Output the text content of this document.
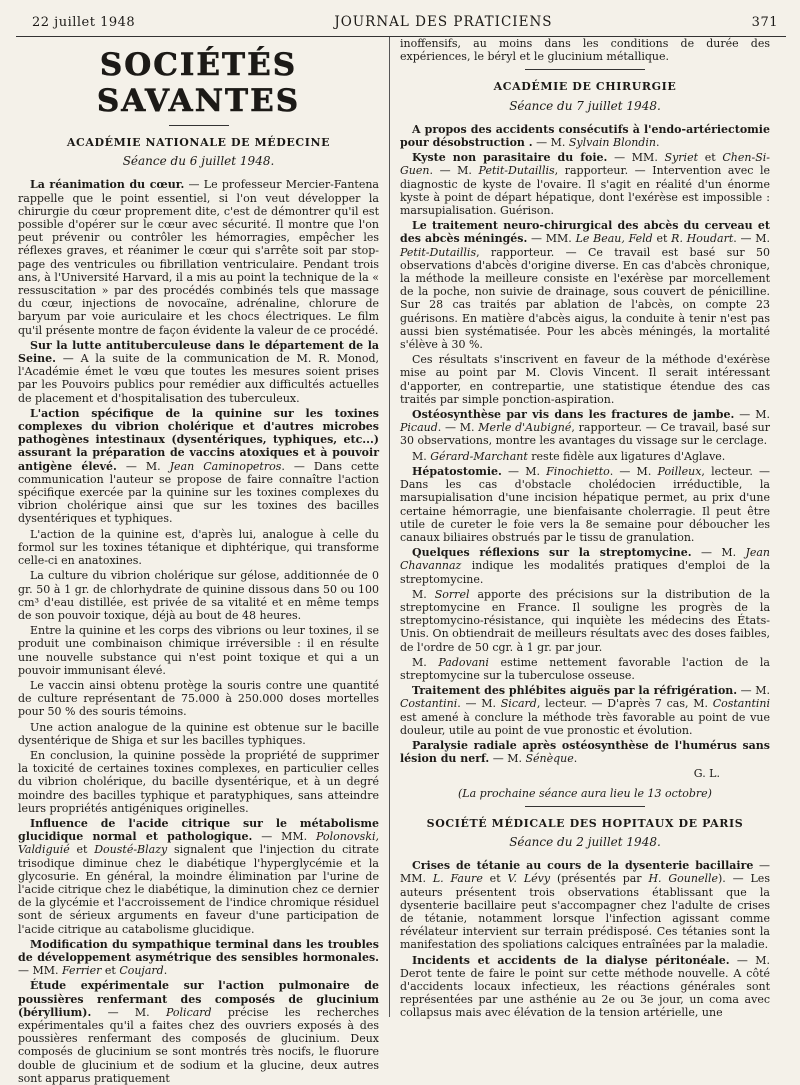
22 juillet 1948	JOURNAL DES PRATICIENS	371
SOCIÉTÉS SAVANTES
ACADÉMIE NATIONALE DE MÉDECINE
Séance du 6 juillet 1948.

La réanimation du cœur. — Le professeur Mercier-Fantena rappelle que le point essentiel, si l'on veut développer la chirurgie du cœur proprement dite, c'est de démontrer qu'il est possible d'opérer sur le cœur avec sécurité. Il montre que l'on peut prévenir ou contrôler les hémorragies, empêcher les réflexes graves, et réanimer le cœur qui s'arrête soit par stop-page des ventricules ou fibrillation ventriculaire. Pendant trois ans, à l'Université Harvard, il a mis au point la technique de la « ressuscitation » par des procédés combinés tels que massage du cœur, injections de novocaïne, adrénaline, chlorure de baryum par voie auriculaire et les chocs électriques. Le film qu'il présente montre de façon évidente la valeur de ce procédé.

Sur la lutte antituberculeuse dans le département de la Seine. — A la suite de la communication de M. R. Monod, l'Académie émet le vœu que toutes les mesures soient prises par les Pouvoirs publics pour remédier aux difficultés actuelles de placement et d'hospitalisation des tuberculeux.

L'action spécifique de la quinine sur les toxines complexes du vibrion cholérique et d'autres microbes pathogènes intestinaux (dysentériques, typhiques, etc...) assurant la préparation de vaccins atoxiques et à pouvoir antigène élevé. — M. Jean Caminopetros. — Dans cette communication l'auteur se propose de faire connaître l'action spécifique exercée par la quinine sur les toxines complexes du vibrion cholérique ainsi que sur les toxines des bacilles dysentériques et typhiques.

L'action de la quinine est, d'après lui, analogue à celle du formol sur les toxines tétanique et diphtérique, qui transforme celle-ci en anatoxines.

La culture du vibrion cholérique sur gélose, additionnée de 0 gr. 50 à 1 gr. de chlorhydrate de quinine dissous dans 50 ou 100 cm³ d'eau distillée, est privée de sa vitalité et en même temps de son pouvoir toxique, déjà au bout de 48 heures.

Entre la quinine et les corps des vibrions ou leur toxines, il se produit une combinaison chimique irréversible : il en résulte une nouvelle substance qui n'est point toxique et qui a un pouvoir immunisant élevé.

Le vaccin ainsi obtenu protège la souris contre une quantité de culture représentant de 75.000 à 250.000 doses mortelles pour 50 % des souris témoins.

Une action analogue de la quinine est obtenue sur le bacille dysentérique de Shiga et sur les bacilles typhiques.

En conclusion, la quinine possède la propriété de supprimer la toxicité de certaines toxines complexes, en particulier celles du vibrion cholérique, du bacille dysentérique, et à un degré moindre des bacilles typhique et paratyphiques, sans atteindre leurs propriétés antigéniques originelles.

Influence de l'acide citrique sur le métabolisme glucidique normal et pathologique. — MM. Polonovski, Valdiguié et Dousté-Blazy signalent que l'injection du citrate trisodique diminue chez le diabétique l'hyperglycémie et la glycosurie. En général, la moindre élimination par l'urine de l'acide citrique chez le diabétique, la diminution chez ce dernier de la glycémie et l'accroissement de l'indice chromique résiduel sont de sérieux arguments en faveur d'une participation de l'acide citrique au catabolisme glucidique.

Modification du sympathique terminal dans les troubles de développement asymétrique des sensibles hormonales. — MM. Ferrier et Coujard.

Étude expérimentale sur l'action pulmonaire de poussières renfermant des composés de glucinium (béryllium). — M. Policard précise les recherches expérimentales qu'il a faites chez des ouvriers exposés à des poussières renfermant des composés de glucinium. Deux composés de glucinium se sont montrés très nocifs, le fluorure double de glucinium et de sodium et la glucine, deux autres sont apparus pratiquement

inoffensifs, au moins dans les conditions de durée des expériences, le béryl et le glucinium métallique.

ACADÉMIE DE CHIRURGIE
Séance du 7 juillet 1948.

A propos des accidents consécutifs à l'endo-artériectomie pour désobstruction . — M. Sylvain Blondin.

Kyste non parasitaire du foie. — MM. Syriet et Chen-Si-Guen. — M. Petit-Dutaillis, rapporteur. — Intervention avec le diagnostic de kyste de l'ovaire. Il s'agit en réalité d'un énorme kyste à point de départ hépatique, dont l'exérèse est impossible : marsupialisation. Guérison.

Le traitement neuro-chirurgical des abcès du cerveau et des abcès méningés. — MM. Le Beau, Feld et R. Houdart. — M. Petit-Dutaillis, rapporteur. — Ce travail est basé sur 50 observations d'abcès d'origine diverse. En cas d'abcès chronique, la méthode la meilleure consiste en l'exérèse par morcellement de la poche, non suivie de drainage, sous couvert de pénicilline. Sur 28 cas traités par ablation de l'abcès, on compte 23 guérisons. En matière d'abcès aigus, la conduite à tenir n'est pas aussi bien systématisée. Pour les abcès méningés, la mortalité s'élève à 30 %.

Ces résultats s'inscrivent en faveur de la méthode d'exérèse mise au point par M. Clovis Vincent. Il serait intéressant d'apporter, en contrepartie, une statistique étendue des cas traités par simple ponction-aspiration.

Ostéosynthèse par vis dans les fractures de jambe. — M. Picaud. — M. Merle d'Aubigné, rapporteur. — Ce travail, basé sur 30 observations, montre les avantages du vissage sur le cerclage.

M. Gérard-Marchant reste fidèle aux ligatures d'Aglave.

Hépatostomie. — M. Finochietto. — M. Poilleux, lecteur. — Dans les cas d'obstacle cholédocien irréductible, la marsupialisation d'une incision hépatique permet, au prix d'une certaine hémorragie, une bienfaisante cholerragie. Il peut être utile de cureter le foie vers la 8e semaine pour déboucher les canaux biliaires obstrués par le tissu de granulation.

Quelques réflexions sur la streptomycine. — M. Jean Chavannaz indique les modalités pratiques d'emploi de la streptomycine.

M. Sorrel apporte des précisions sur la distribution de la streptomycine en France. Il souligne les progrès de la streptomycino-résistance, qui inquiète les médecins des États-Unis. On obtiendrait de meilleurs résultats avec des doses faibles, de l'ordre de 50 cgr. à 1 gr. par jour.

M. Padovani estime nettement favorable l'action de la streptomycine sur la tuberculose osseuse.

Traitement des phlébites aiguës par la réfrigération. — M. Costantini. — M. Sicard, lecteur. — D'après 7 cas, M. Costantini est amené à conclure la méthode très favorable au point de vue douleur, utile au point de vue pronostic et évolution.

Paralysie radiale après ostéosynthèse de l'humérus sans lésion du nerf. — M. Sénèque.

G. L.
(La prochaine séance aura lieu le 13 octobre)
SOCIÉTÉ MÉDICALE DES HOPITAUX DE PARIS
Séance du 2 juillet 1948.

Crises de tétanie au cours de la dysenterie bacillaire — MM. L. Faure et V. Lévy (présentés par H. Gounelle). — Les auteurs présentent trois observations établissant que la dysenterie bacillaire peut s'accompagner chez l'adulte de crises de tétanie, notamment lorsque l'infection agissant comme révélateur intervient sur terrain prédisposé. Ces tétanies sont la manifestation des spoliations calciques entraînées par la maladie.

Incidents et accidents de la dialyse péritonéale. — M. Derot tente de faire le point sur cette méthode nouvelle. A côté d'accidents locaux infectieux, les réactions générales sont représentées par une asthénie au 2e ou 3e jour, un coma avec collapsus mais avec élévation de la tension artérielle, une
